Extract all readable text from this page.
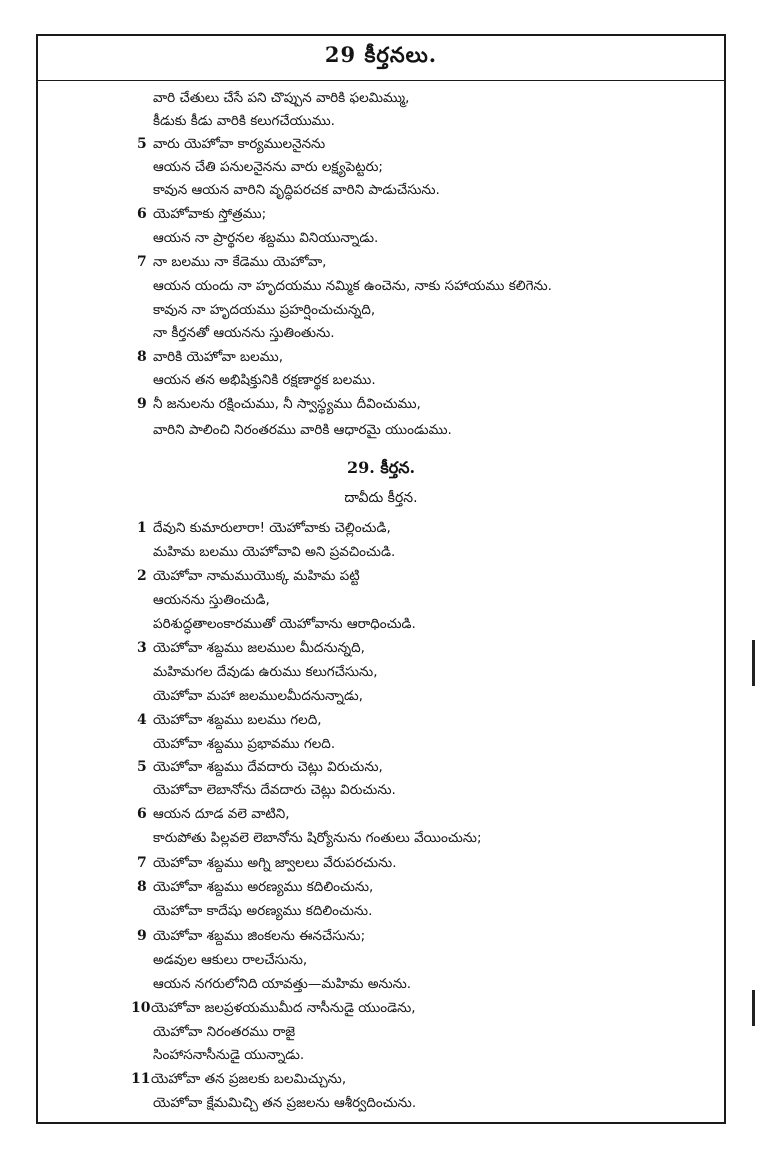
29 కీర్తనలు.
వారి చేతులు చేసే పని చొప్పున వారికి ఫలమిమ్ము,
కీడుకు కీడు వారికి కలుగచేయుము.
5 వారు యెహోవా కార్యములనైనను
ఆయన చేతి పనులనైనను వారు లక్ష్యపెట్టరు;
కావున ఆయన వారిని వృద్ధిపరచక వారిని పాడుచేసును.
6 యెహోవాకు స్తోత్రము;
ఆయన నా ప్రార్థనల శబ్దము వినియున్నాడు.
7 నా బలము నా కేడెము యెహోవా,
ఆయన యందు నా హృదయము నమ్మిక ఉంచెను, నాకు సహాయము కలిగెను.
కావున నా హృదయము ప్రహర్షించుచున్నది,
నా కీర్తనతో ఆయనను స్తుతింతును.
8 వారికి యెహోవా బలము,
ఆయన తన అభిషిక్తునికి రక్షణార్థక బలము.
9 నీ జనులను రక్షించుము, నీ స్వాస్థ్యము దీవించుము,
వారిని పాలించి నిరంతరము వారికి ఆధారమై యుండుము.
29. కీర్తన.
దావీదు కీర్తన.
1 దేవుని కుమారులారా! యెహోవాకు చెల్లించుడి,
మహిమ బలము యెహోవావి అని ప్రవచించుడి.
2 యెహోవా నామముయొక్క మహిమ పట్టి
ఆయనను స్తుతించుడి,
పరిశుద్ధతాలంకారముతో యెహోవాను ఆరాధించుడి.
3 యెహోవా శబ్దము జలముల మీదనున్నది,
మహిమగల దేవుడు ఉరుము కలుగచేసును,
యెహోవా మహా జలములమీదనున్నాడు,
4 యెహోవా శబ్దము బలము గలది,
యెహోవా శబ్దము ప్రభావము గలది.
5 యెహోవా శబ్దము దేవదారు చెట్లు విరుచును,
యెహోవా లెబానోను దేవదారు చెట్లు విరుచును.
6 ఆయన దూడ వలె వాటిని,
కారుపోతు పిల్లవలె లెబానోను షిర్యోనును గంతులు వేయించును;
7 యెహోవా శబ్దము అగ్ని జ్వాలలు వేరుపరచును.
8 యెహోవా శబ్దము అరణ్యము కదిలించును,
యెహోవా కాదేషు అరణ్యము కదిలించును.
9 యెహోవా శబ్దము జింకలను ఈనచేసును;
అడవుల ఆకులు రాలచేసును,
ఆయన నగరులోనిది యావత్తు—మహిమ అనును.
10యెహోవా జలప్రళయముమీద నాసీనుడై యుండెను,
యెహోవా నిరంతరము రాజై
సింహాసనాసీనుడై యున్నాడు.
11యెహోవా తన ప్రజలకు బలమిచ్చును,
యెహోవా క్షేమమిచ్చి తన ప్రజలను ఆశీర్వదించును.
